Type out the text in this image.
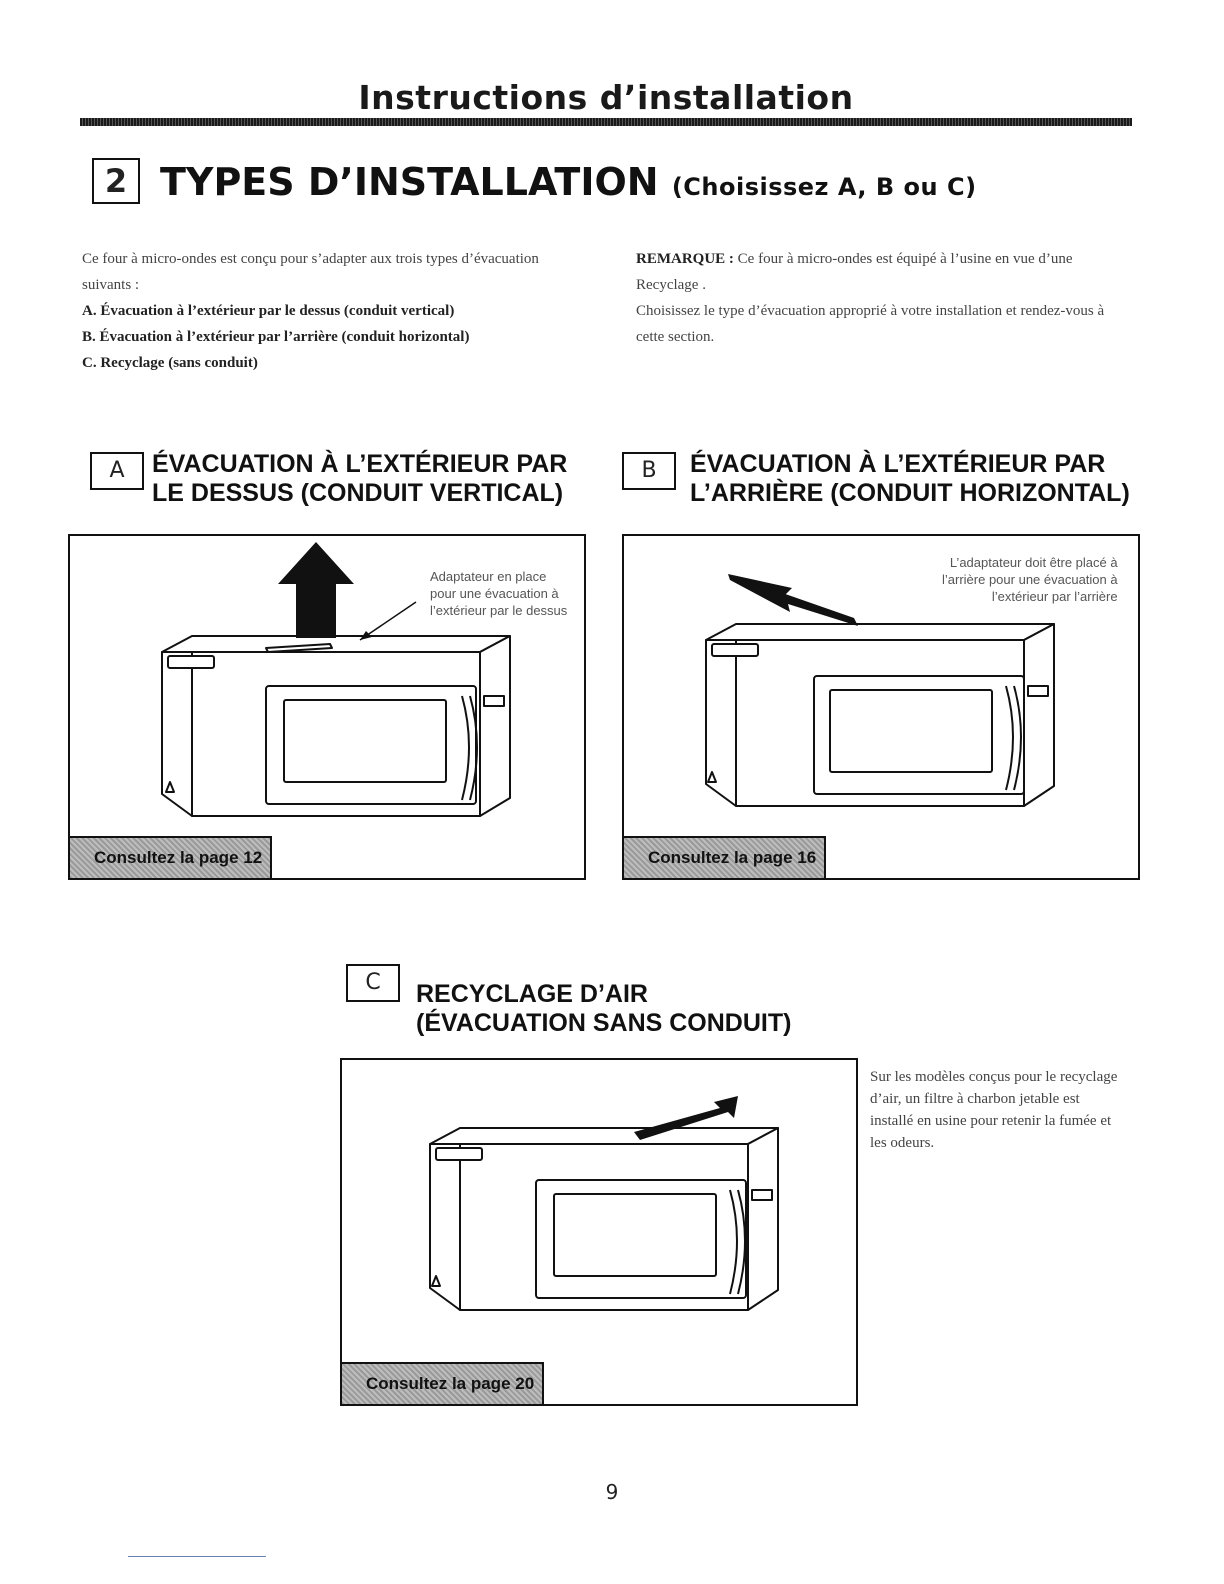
Instructions d’installation
2 TYPES D’INSTALLATION (Choisissez A, B ou C)
Ce four à micro-ondes est conçu pour s’adapter aux trois types d’évacuation suivants :
A. Évacuation à l’extérieur par le dessus (conduit vertical)
B. Évacuation à l’extérieur par l’arrière (conduit horizontal)
C. Recyclage (sans conduit)
REMARQUE : Ce four à micro-ondes est équipé à l’usine en vue d’une Recyclage .
Choisissez le type d’évacuation approprié à votre installation et rendez-vous à cette section.
A	ÉVACUATION À L’EXTÉRIEUR PAR
LE DESSUS (CONDUIT VERTICAL)
B	ÉVACUATION À L’EXTÉRIEUR PAR
L’ARRIÈRE (CONDUIT HORIZONTAL)
Adaptateur en place
pour une évacuation à
l’extérieur par le dessus
Consultez la page 12
L’adaptateur doit être placé à
l’arrière pour une évacuation à
l’extérieur par l’arrière
Consultez la page 16
C	RECYCLAGE D’AIR
(ÉVACUATION SANS CONDUIT)
Consultez la page 20
Sur les modèles conçus pour le recyclage d’air, un filtre à charbon jetable est installé en usine pour retenir la fumée et les odeurs.
9
